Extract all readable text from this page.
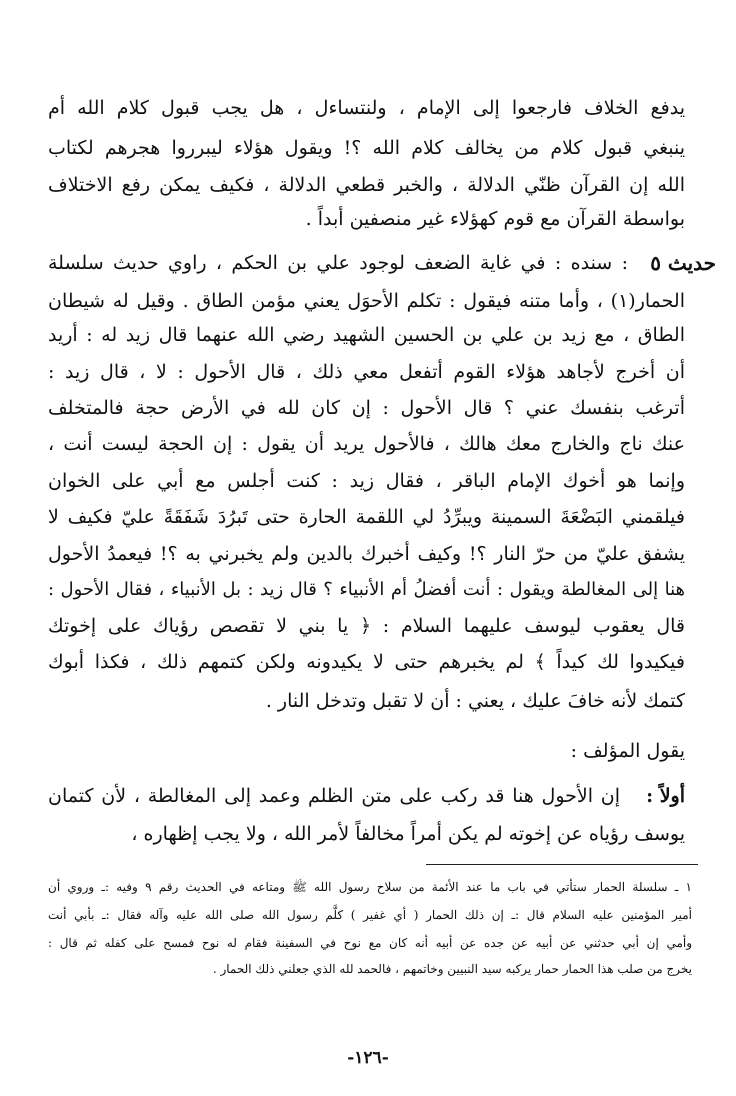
يدفع الخلاف فارجعوا إلى الإمام ، ولنتساءل ، هل يجب قبول كلام الله أم
ينبغي قبول كلام من يخالف كلام الله ؟! ويقول هؤلاء ليبرروا هجرهم لكتاب
الله إن القرآن ظنّي الدلالة ، والخبر قطعي الدلالة ، فكيف يمكن رفع الاختلاف
بواسطة القرآن مع قوم كهؤلاء غير منصفين أبداً .
حديث ٥
: سنده : في غاية الضعف لوجود علي بن الحكم ، راوي حديث سلسلة
الحمار(١) ، وأما متنه فيقول : تكلم الأحوَل يعني مؤمن الطاق . وقيل له شيطان
الطاق ، مع زيد بن علي بن الحسين الشهيد رضي الله عنهما قال زيد له : أريد
أن أخرج لأجاهد هؤلاء القوم أتفعل معي ذلك ، قال الأحول : لا ، قال زيد :
أترغب بنفسك عني ؟ قال الأحول : إن كان لله في الأرض حجة فالمتخلف
عنك ناج والخارج معك هالك ، فالأحول يريد أن يقول : إن الحجة ليست أنت ،
وإنما هو أخوك الإمام الباقر ، فقال زيد : كنت أجلس مع أبي على الخوان
فيلقمني البَضْعَةَ السمينة ويبرِّدُ لي اللقمة الحارة حتى تَبرُدَ شَفَقَةً عليّ فكيف لا
يشفق عليّ من حرّ النار ؟! وكيف أخبرك بالدين ولم يخبرني به ؟! فيعمدُ الأحول
هنا إلى المغالطة ويقول : أنت أفضلُ أم الأنبياء ؟ قال زيد : بل الأنبياء ، فقال الأحول :
قال يعقوب ليوسف عليهما السلام : ﴿ يا بني لا تقصص رؤياك على إخوتك
فيكيدوا لك كيداً ﴾ لم يخبرهم حتى لا يكيدونه ولكن كتمهم ذلك ، فكذا أبوك
كتمك لأنه خافَ عليك ، يعني : أن لا تقبل وتدخل النار .
يقول المؤلف :
أولاً :
إن الأحول هنا قد ركب على متن الظلم وعمد إلى المغالطة ، لأن كتمان
يوسف رؤياه عن إخوته لم يكن أمراً مخالفاً لأمر الله ، ولا يجب إظهاره ،
١ ـ سلسلة الحمار ستأتي في باب ما عند الأئمة من سلاح رسول الله ﷺ ومتاعه في الحديث رقم ٩ وفيه :ـ وروي أن
أمير المؤمنين عليه السلام قال :ـ إن ذلك الحمار ( أي غفير ) كلَّم رسول الله صلى الله عليه وآله فقال :ـ بأبي أنت
وأمي إن أبي حدثني عن أبيه عن جده عن أبيه أنه كان مع نوح في السفينة فقام له نوح فمسح على كفله ثم قال :
يخرج من صلب هذا الحمار حمار يركبه سيد النبيين وخاتمهم ، فالحمد لله الذي جعلني ذلك الحمار .
-١٢٦-
